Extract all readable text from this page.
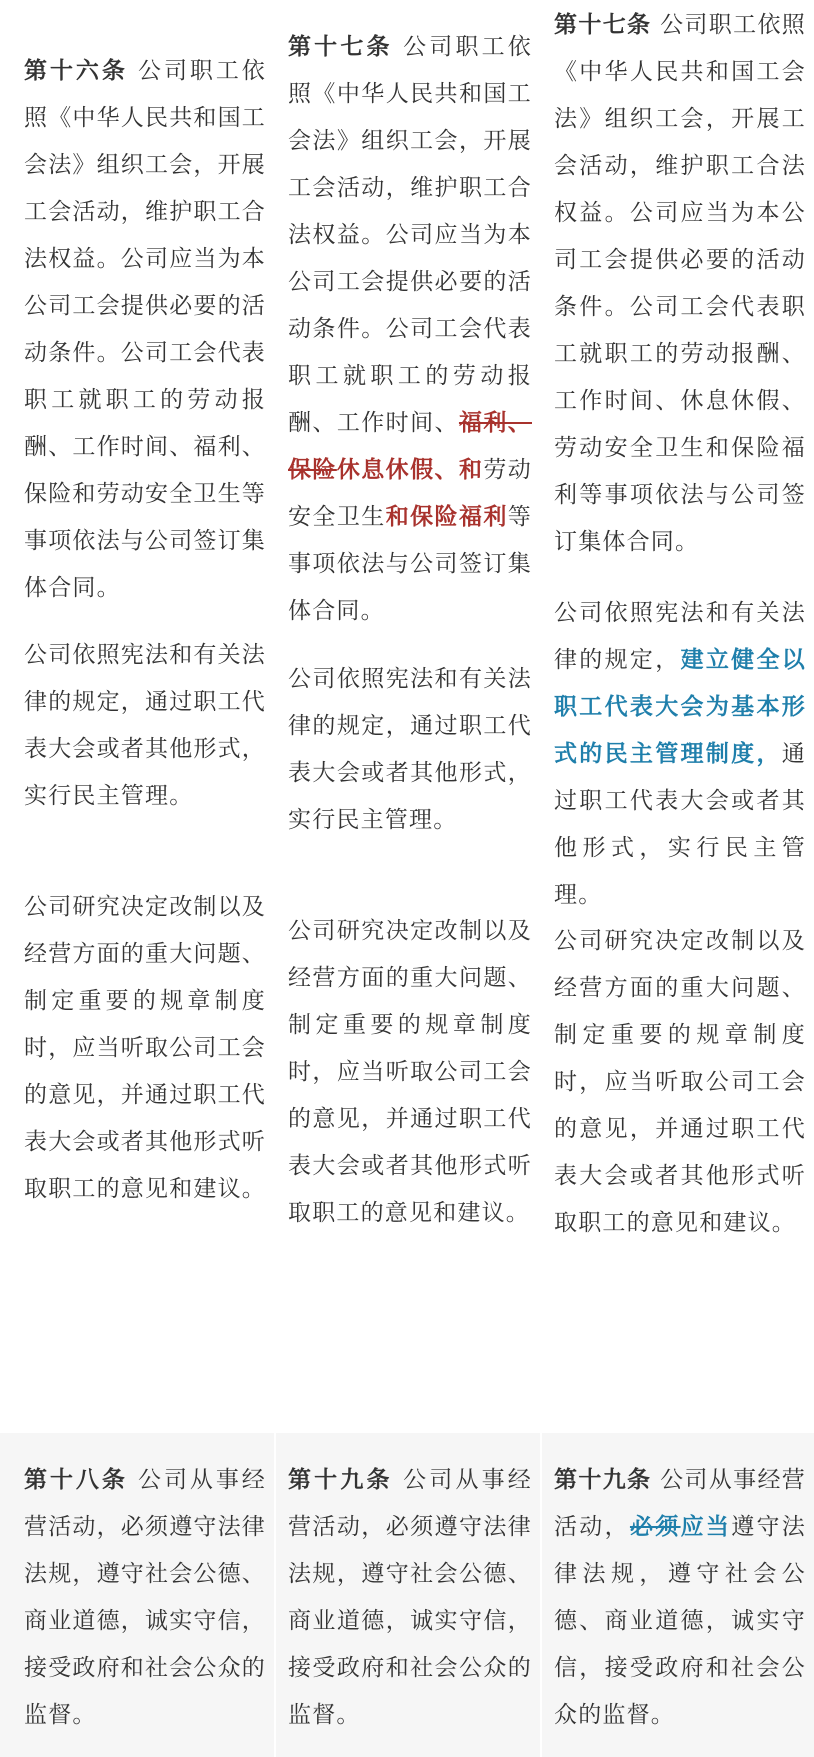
第十六条 公司职工依照《中华人民共和国工会法》组织工会，开展工会活动，维护职工合法权益。公司应当为本公司工会提供必要的活动条件。公司工会代表职工就职工的劳动报酬、工作时间、福利、保险和劳动安全卫生等事项依法与公司签订集体合同。

公司依照宪法和有关法律的规定，通过职工代表大会或者其他形式，实行民主管理。

公司研究决定改制以及经营方面的重大问题、制定重要的规章制度时，应当听取公司工会的意见，并通过职工代表大会或者其他形式听取职工的意见和建议。

第十七条 公司职工依照《中华人民共和国工会法》组织工会，开展工会活动，维护职工合法权益。公司应当为本公司工会提供必要的活动条件。公司工会代表职工就职工的劳动报酬、工作时间、福利、保险休息休假、和劳动安全卫生和保险福利等事项依法与公司签订集体合同。

公司依照宪法和有关法律的规定，通过职工代表大会或者其他形式，实行民主管理。

公司研究决定改制以及经营方面的重大问题、制定重要的规章制度时，应当听取公司工会的意见，并通过职工代表大会或者其他形式听取职工的意见和建议。

第十七条 公司职工依照《中华人民共和国工会法》组织工会，开展工会活动，维护职工合法权益。公司应当为本公司工会提供必要的活动条件。公司工会代表职工就职工的劳动报酬、工作时间、休息休假、劳动安全卫生和保险福利等事项依法与公司签订集体合同。

公司依照宪法和有关法律的规定，建立健全以职工代表大会为基本形式的民主管理制度，通过职工代表大会或者其他形式，实行民主管理。

公司研究决定改制以及经营方面的重大问题、制定重要的规章制度时，应当听取公司工会的意见，并通过职工代表大会或者其他形式听取职工的意见和建议。

第十八条 公司从事经营活动，必须遵守法律法规，遵守社会公德、商业道德，诚实守信，接受政府和社会公众的监督。

第十九条 公司从事经营活动，必须遵守法律法规，遵守社会公德、商业道德，诚实守信，接受政府和社会公众的监督。

第十九条 公司从事经营活动，必须应当遵守法律法规，遵守社会公德、商业道德，诚实守信，接受政府和社会公众的监督。
